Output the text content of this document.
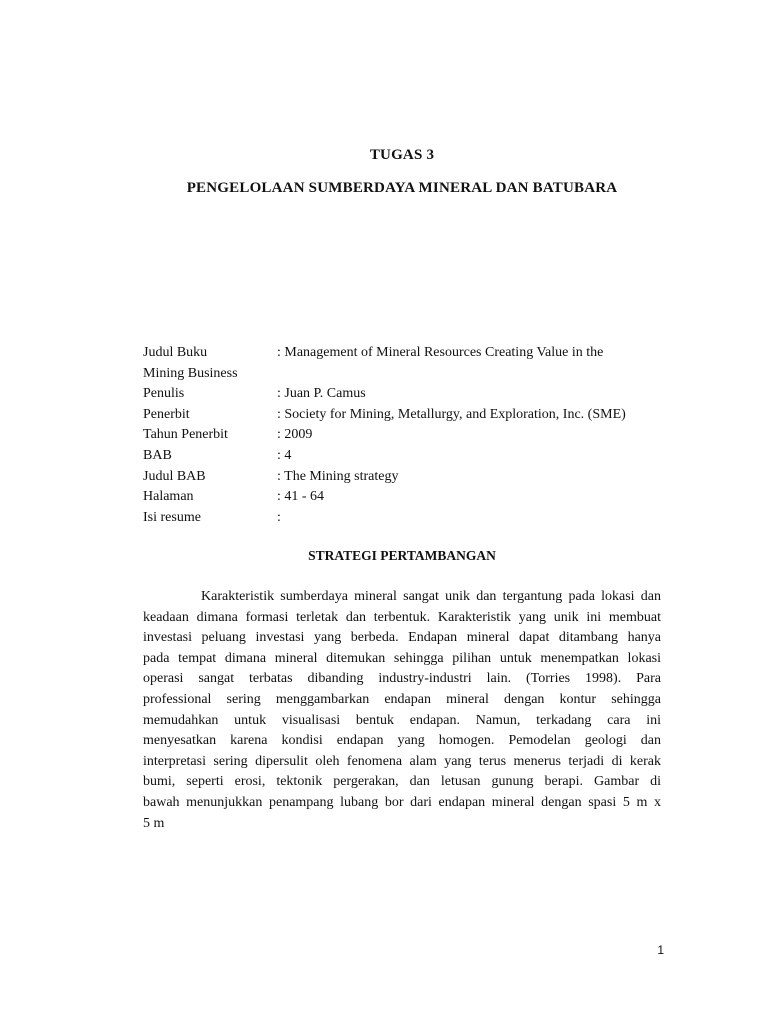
TUGAS 3
PENGELOLAAN SUMBERDAYA MINERAL DAN BATUBARA
Judul Buku	: Management of Mineral Resources Creating Value in the
Mining Business
Penulis	: Juan P. Camus
Penerbit	: Society for Mining, Metallurgy, and Exploration, Inc. (SME)
Tahun Penerbit	: 2009
BAB	: 4
Judul BAB	: The Mining strategy
Halaman	: 41 - 64
Isi resume	:
STRATEGI PERTAMBANGAN

Karakteristik sumberdaya mineral sangat unik dan tergantung pada lokasi dan
keadaan dimana formasi terletak dan terbentuk. Karakteristik yang unik ini membuat
investasi peluang investasi yang berbeda. Endapan mineral dapat ditambang hanya
pada tempat dimana mineral ditemukan sehingga pilihan untuk menempatkan lokasi
operasi sangat terbatas dibanding industry-industri lain. (Torries 1998). Para
professional sering menggambarkan endapan mineral dengan kontur sehingga
memudahkan untuk visualisasi bentuk endapan. Namun, terkadang cara ini
menyesatkan karena kondisi endapan yang homogen. Pemodelan geologi dan
interpretasi sering dipersulit oleh fenomena alam yang terus menerus terjadi di kerak
bumi, seperti erosi, tektonik pergerakan, dan letusan gunung berapi. Gambar di
bawah menunjukkan penampang lubang bor dari endapan mineral dengan spasi 5 m x
5 m

1
